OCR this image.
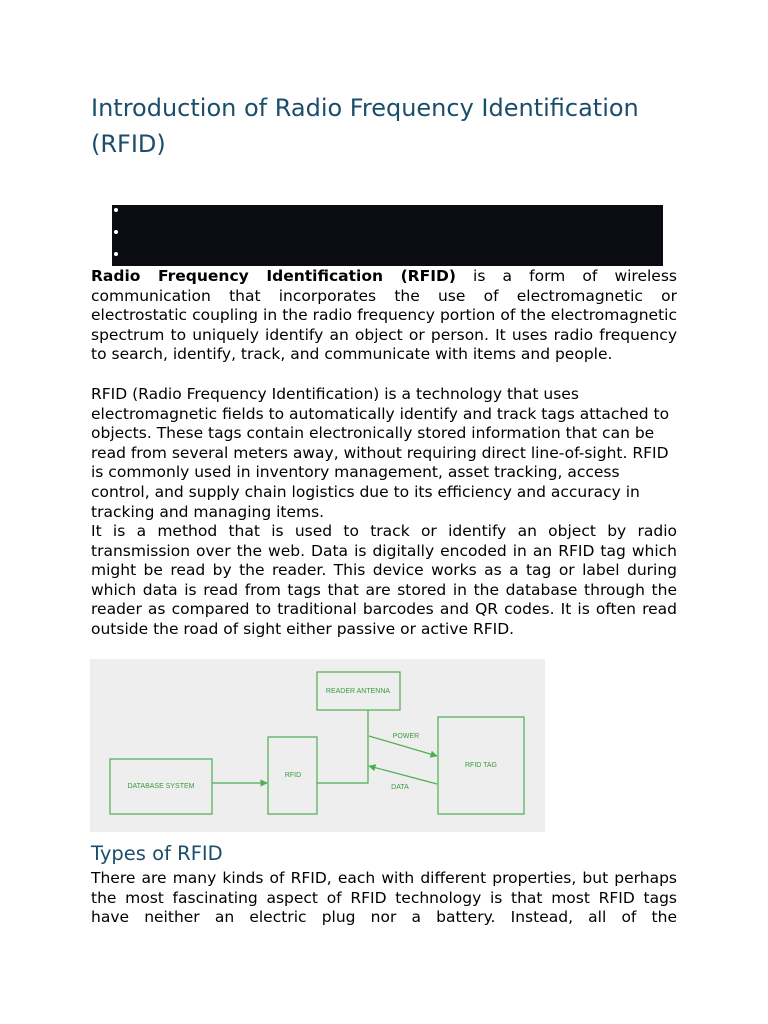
Introduction of Radio Frequency Identification (RFID)

Radio Frequency Identification (RFID) is a form of wireless communication that incorporates the use of electromagnetic or electrostatic coupling in the radio frequency portion of the electromagnetic spectrum to uniquely identify an object or person. It uses radio frequency to search, identify, track, and communicate with items and people.

RFID (Radio Frequency Identification) is a technology that uses electromagnetic fields to automatically identify and track tags attached to objects. These tags contain electronically stored information that can be read from several meters away, without requiring direct line-of-sight. RFID is commonly used in inventory management, asset tracking, access control, and supply chain logistics due to its efficiency and accuracy in tracking and managing items.

It is a method that is used to track or identify an object by radio transmission over the web. Data is digitally encoded in an RFID tag which might be read by the reader. This device works as a tag or label during which data is read from tags that are stored in the database through the reader as compared to traditional barcodes and QR codes. It is often read outside the road of sight either passive or active RFID.

READER ANTENNA
POWER
RFID TAG
RFID
DATA
DATABASE SYSTEM
Types of RFID

There are many kinds of RFID, each with different properties, but perhaps the most fascinating aspect of RFID technology is that most RFID tags have neither an electric plug nor a battery. Instead, all of the
